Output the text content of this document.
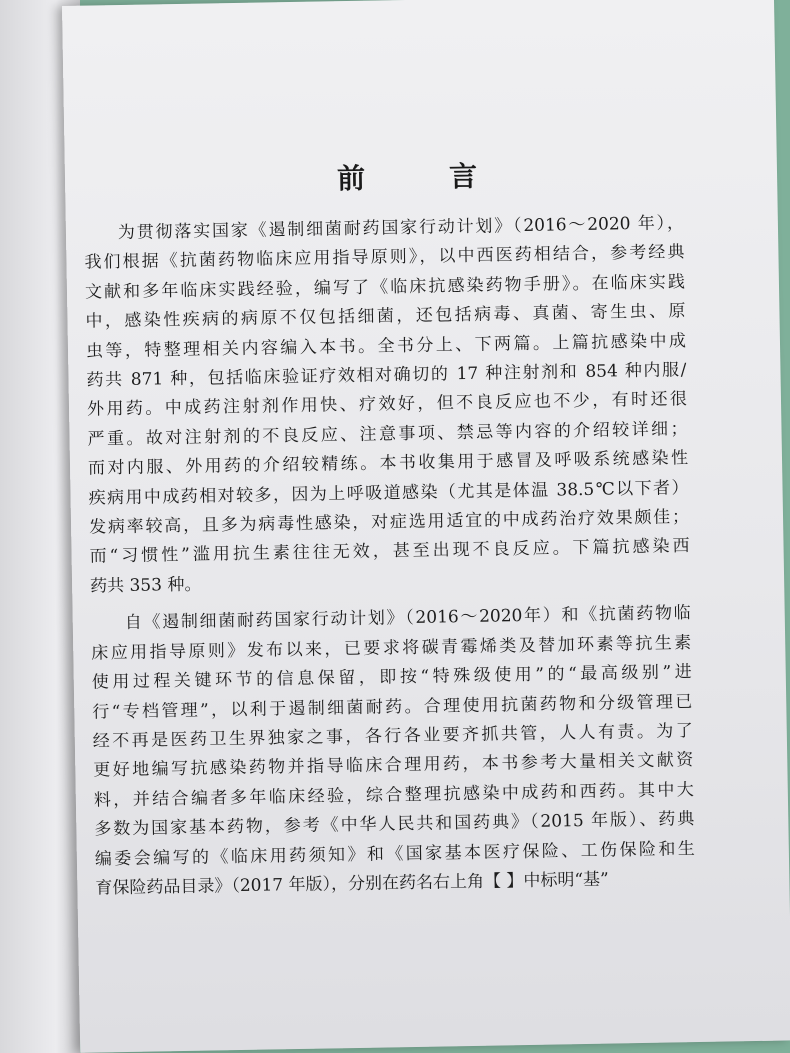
前　言
为贯彻落实国家《遏制细菌耐药国家行动计划》（2016～2020 年），
我们根据《抗菌药物临床应用指导原则》，以中西医药相结合，参考经典
文献和多年临床实践经验，编写了《临床抗感染药物手册》。在临床实践
中，感染性疾病的病原不仅包括细菌，还包括病毒、真菌、寄生虫、原
虫等，特整理相关内容编入本书。全书分上、下两篇。上篇抗感染中成
药共 871 种，包括临床验证疗效相对确切的 17 种注射剂和 854 种内服/
外用药。中成药注射剂作用快、疗效好，但不良反应也不少，有时还很
严重。故对注射剂的不良反应、注意事项、禁忌等内容的介绍较详细；
而对内服、外用药的介绍较精练。本书收集用于感冒及呼吸系统感染性
疾病用中成药相对较多，因为上呼吸道感染（尤其是体温 38.5℃以下者）
发病率较高，且多为病毒性感染，对症选用适宜的中成药治疗效果颇佳；
而“习惯性”滥用抗生素往往无效，甚至出现不良反应。下篇抗感染西
药共 353 种。
自《遏制细菌耐药国家行动计划》（2016～2020年）和《抗菌药物临
床应用指导原则》发布以来，已要求将碳青霉烯类及替加环素等抗生素
使用过程关键环节的信息保留，即按“特殊级使用”的“最高级别”进
行“专档管理”，以利于遏制细菌耐药。合理使用抗菌药物和分级管理已
经不再是医药卫生界独家之事，各行各业要齐抓共管，人人有责。为了
更好地编写抗感染药物并指导临床合理用药，本书参考大量相关文献资
料，并结合编者多年临床经验，综合整理抗感染中成药和西药。其中大
多数为国家基本药物，参考《中华人民共和国药典》（2015 年版）、药典
编委会编写的《临床用药须知》和《国家基本医疗保险、工伤保险和生
育保险药品目录》（2017 年版），分别在药名右上角【 】中标明“基”
